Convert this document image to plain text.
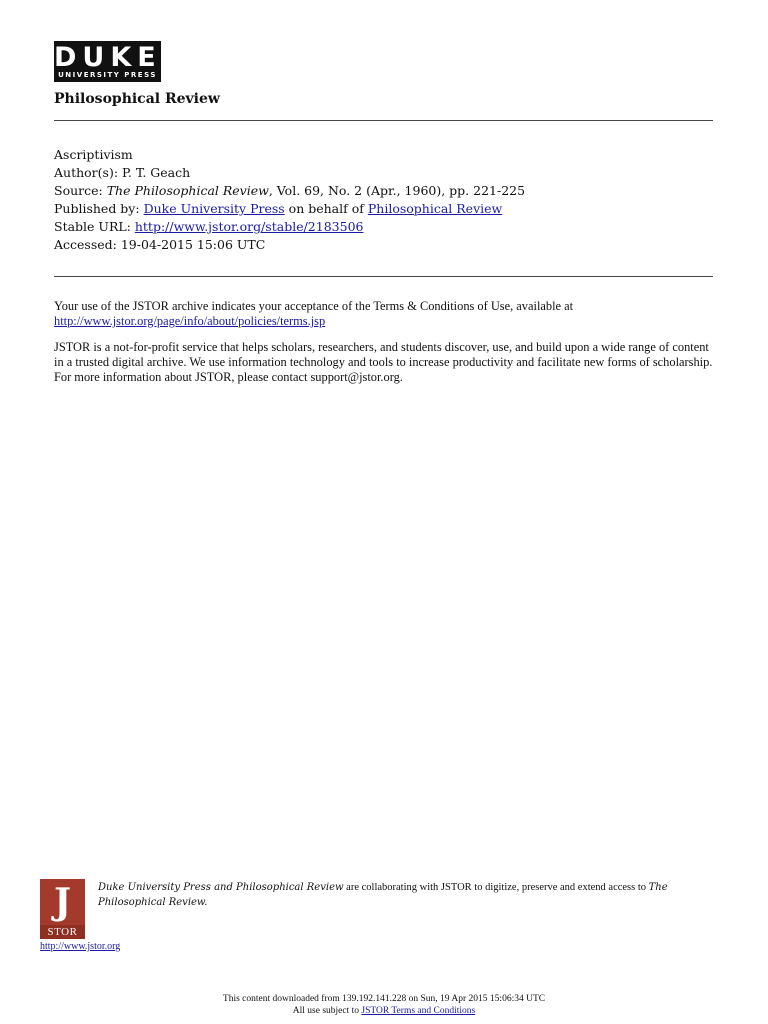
DUKE
UNIVERSITY PRESS
Philosophical Review
Ascriptivism
Author(s): P. T. Geach
Source: The Philosophical Review, Vol. 69, No. 2 (Apr., 1960), pp. 221-225
Published by: Duke University Press on behalf of Philosophical Review
Stable URL: http://www.jstor.org/stable/2183506
Accessed: 19-04-2015 15:06 UTC

Your use of the JSTOR archive indicates your acceptance of the Terms & Conditions of Use, available at
http://www.jstor.org/page/info/about/policies/terms.jsp

JSTOR is a not-for-profit service that helps scholars, researchers, and students discover, use, and build upon a wide range of content in a trusted digital archive. We use information technology and tools to increase productivity and facilitate new forms of scholarship. For more information about JSTOR, please contact support@jstor.org.

J
STOR
http://www.jstor.org
Duke University Press and Philosophical Review are collaborating with JSTOR to digitize, preserve and extend access to The Philosophical Review.
This content downloaded from 139.192.141.228 on Sun, 19 Apr 2015 15:06:34 UTC
All use subject to JSTOR Terms and Conditions
